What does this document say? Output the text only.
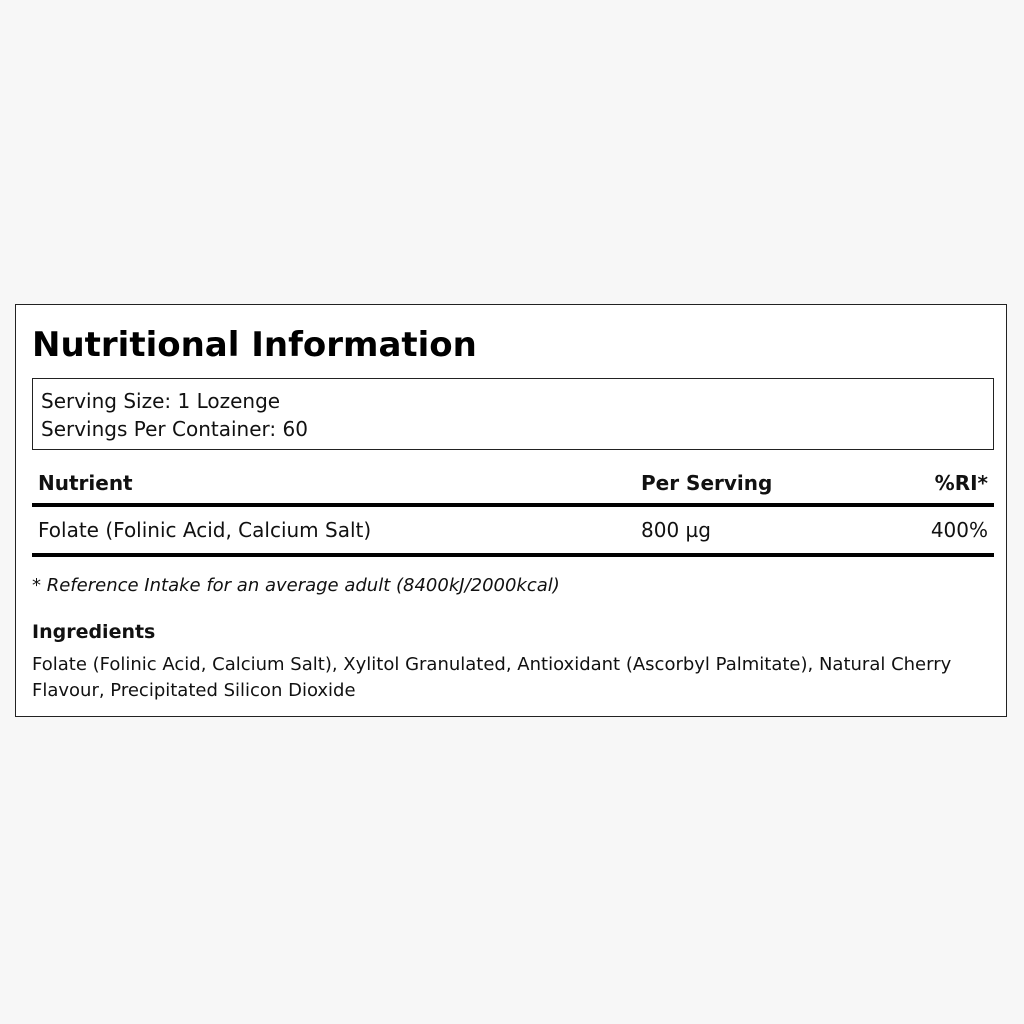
Nutritional Information
Serving Size: 1 Lozenge
Servings Per Container: 60
Nutrient	Per Serving	%RI*
Folate (Folinic Acid, Calcium Salt)	800 µg	400%
* Reference Intake for an average adult (8400kJ/2000kcal)
Ingredients
Folate (Folinic Acid, Calcium Salt), Xylitol Granulated, Antioxidant (Ascorbyl Palmitate), Natural Cherry Flavour, Precipitated Silicon Dioxide
